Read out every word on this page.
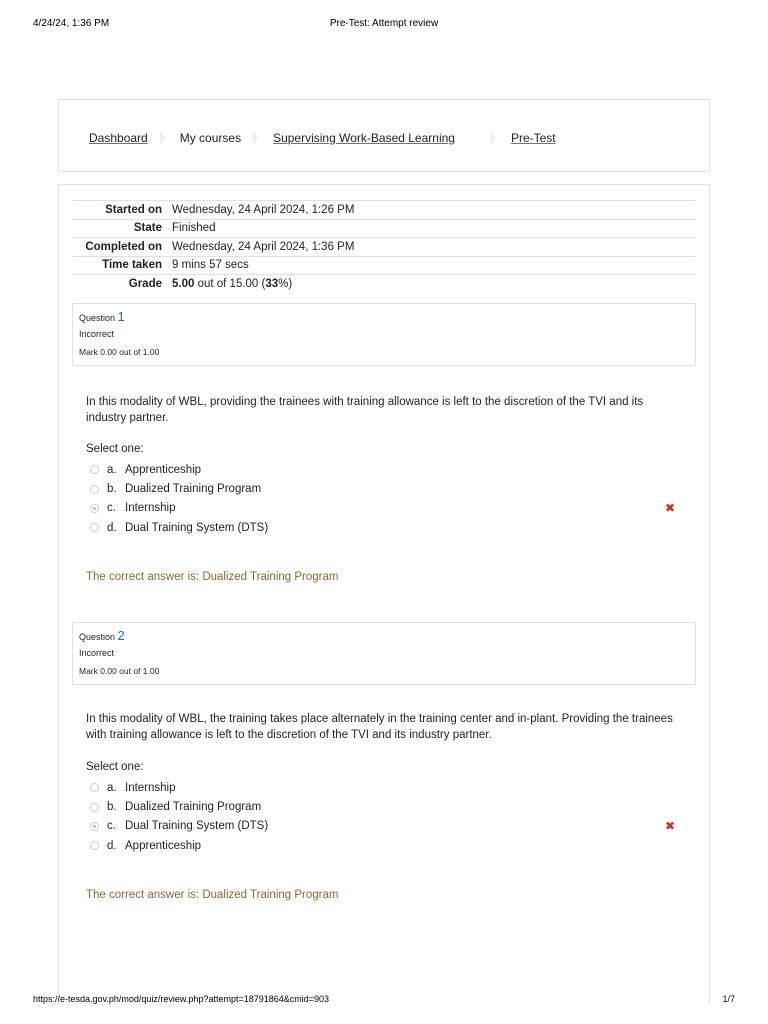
4/24/24, 1:36 PM	Pre-Test: Attempt review
Dashboard	My courses	Supervising Work-Based Learning	Pre-Test
Started on	Wednesday, 24 April 2024, 1:26 PM
State	Finished
Completed on	Wednesday, 24 April 2024, 1:36 PM
Time taken	9 mins 57 secs
Grade	5.00 out of 15.00 (33%)
Question 1
Incorrect
Mark 0.00 out of 1.00
In this modality of WBL, providing the trainees with training allowance is left to the discretion of the TVI and its industry partner.
Select one:
a. Apprenticeship
b. Dualized Training Program
c. Internship	✖
d. Dual Training System (DTS)
The correct answer is: Dualized Training Program
Question 2
Incorrect
Mark 0.00 out of 1.00
In this modality of WBL, the training takes place alternately in the training center and in-plant. Providing the trainees with training allowance is left to the discretion of the TVI and its industry partner.
Select one:
a. Internship
b. Dualized Training Program
c. Dual Training System (DTS)	✖
d. Apprenticeship
The correct answer is: Dualized Training Program
https://e-tesda.gov.ph/mod/quiz/review.php?attempt=18791864&cmid=903	1/7
